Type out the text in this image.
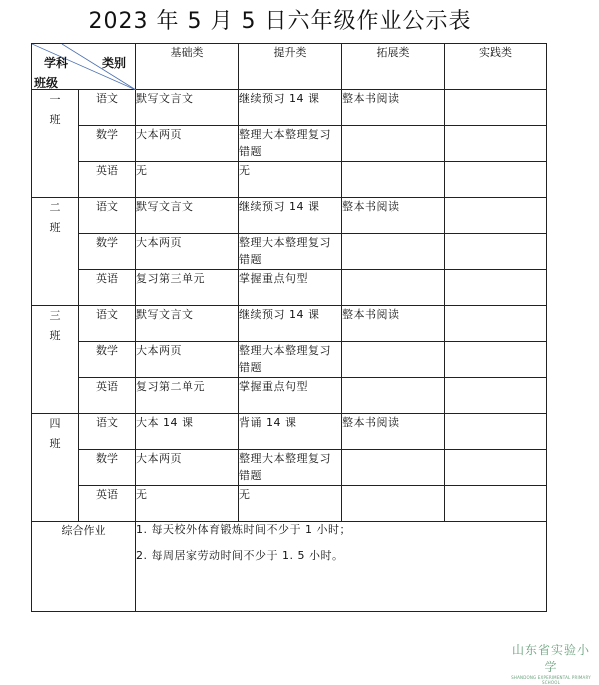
2023 年 5 月 5 日六年级作业公示表
学科 类别
班级		基础类	提升类	拓展类	实践类
一班	语文	默写文言文	继续预习 14 课	整本书阅读	
	数学	大本两页	整理大本整理复习错题		
	英语	无	无		
二班	语文	默写文言文	继续预习 14 课	整本书阅读	
	数学	大本两页	整理大本整理复习错题		
	英语	复习第三单元	掌握重点句型		
三班	语文	默写文言文	继续预习 14 课	整本书阅读	
	数学	大本两页	整理大本整理复习错题		
	英语	复习第二单元	掌握重点句型		
四班	语文	大本 14 课	背诵 14 课	整本书阅读	
	数学	大本两页	整理大本整理复习错题		
	英语	无	无		
综合作业		1. 每天校外体育锻炼时间不少于 1 小时；

2. 每周居家劳动时间不少于 1. 5 小时。			

山东省实验小学
SHANDONG EXPERIMENTAL PRIMARY SCHOOL
